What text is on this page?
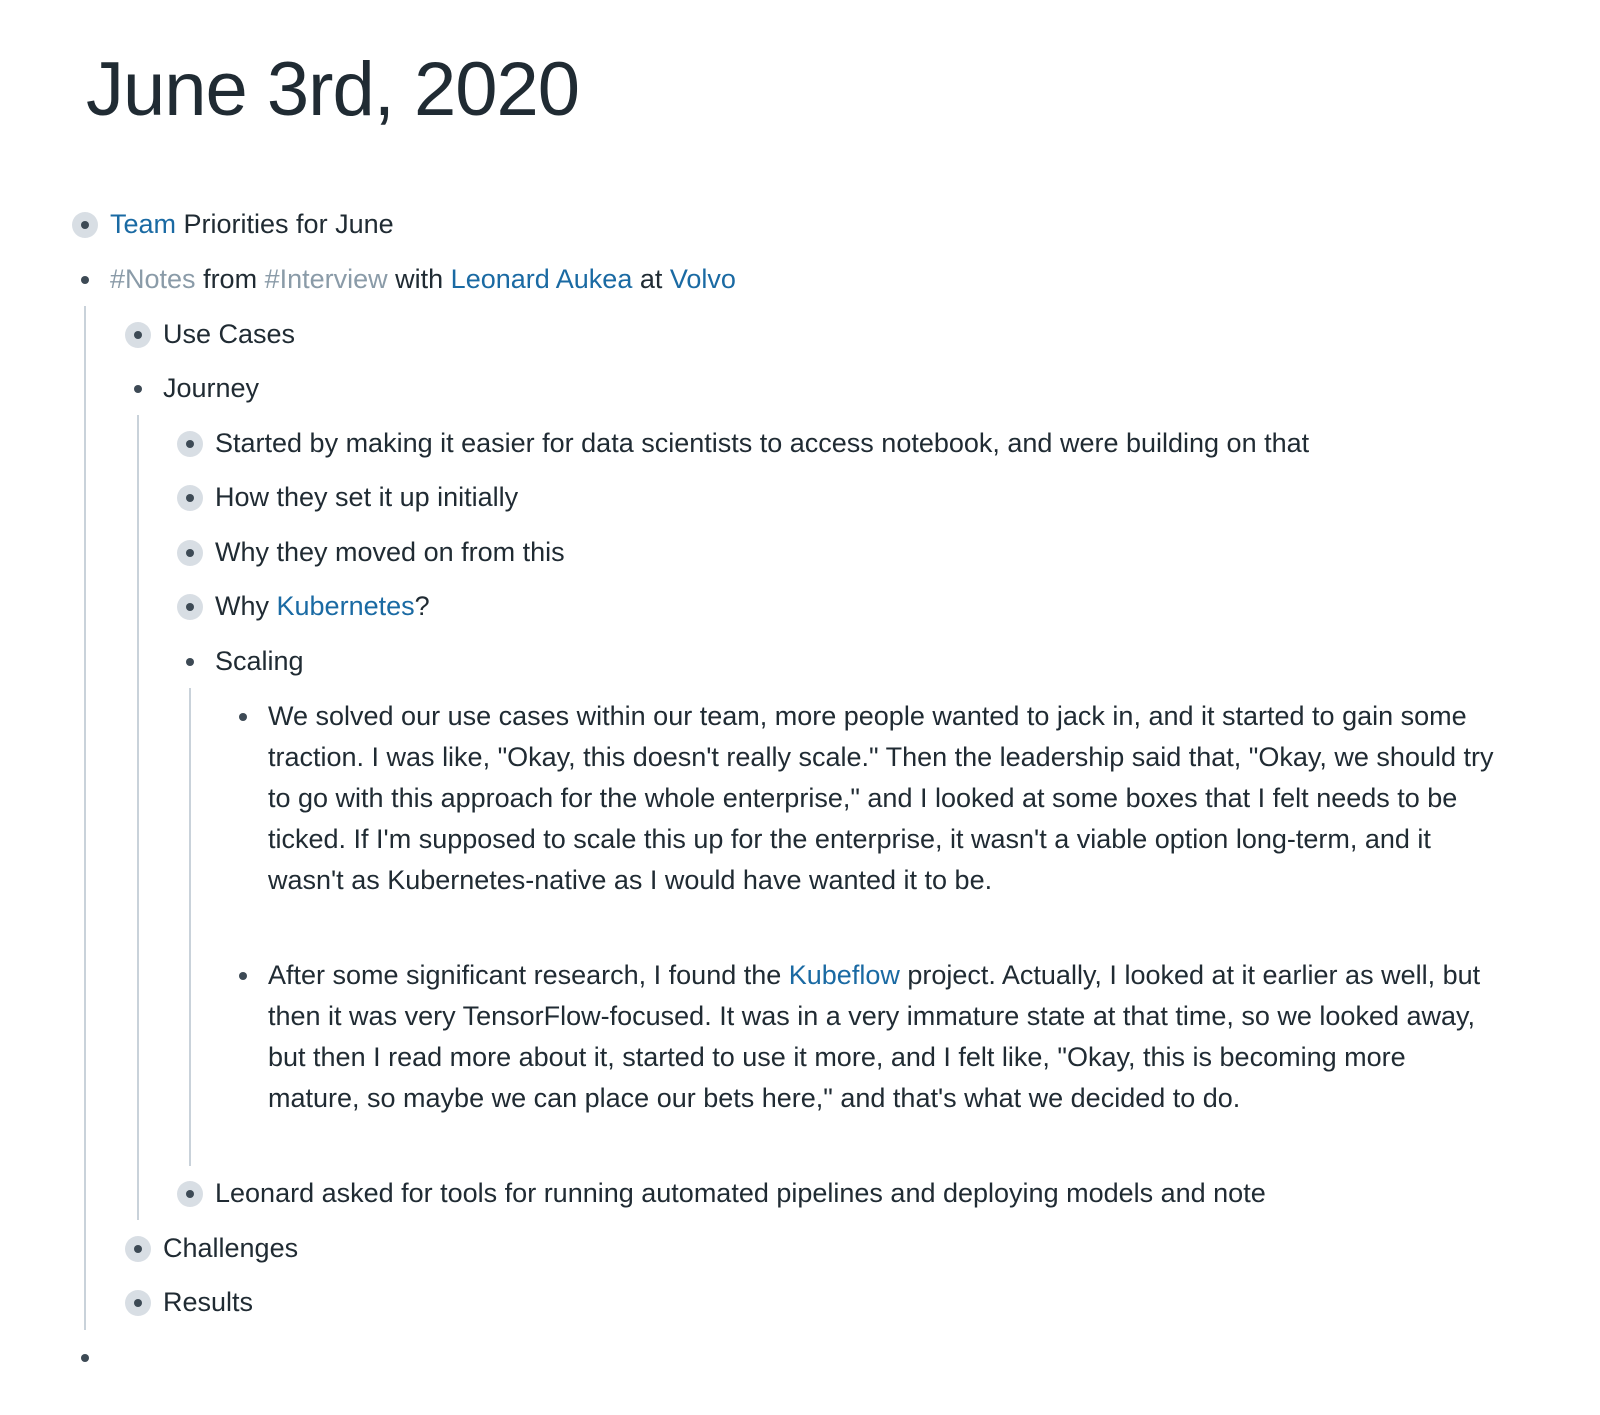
June 3rd, 2020
Team Priorities for June
#Notes from #Interview with Leonard Aukea at Volvo
Use Cases
Journey
Started by making it easier for data scientists to access notebook, and were building on that
How they set it up initially
Why they moved on from this
Why Kubernetes?
Scaling
We solved our use cases within our team, more people wanted to jack in, and it started to gain some traction. I was like, "Okay, this doesn't really scale." Then the leadership said that, "Okay, we should try to go with this approach for the whole enterprise," and I looked at some boxes that I felt needs to be ticked. If I'm supposed to scale this up for the enterprise, it wasn't a viable option long-term, and it wasn't as Kubernetes-native as I would have wanted it to be.
After some significant research, I found the Kubeflow project. Actually, I looked at it earlier as well, but then it was very TensorFlow-focused. It was in a very immature state at that time, so we looked away, but then I read more about it, started to use it more, and I felt like, "Okay, this is becoming more mature, so maybe we can place our bets here," and that's what we decided to do.
Leonard asked for tools for running automated pipelines and deploying models and note
Challenges
Results
